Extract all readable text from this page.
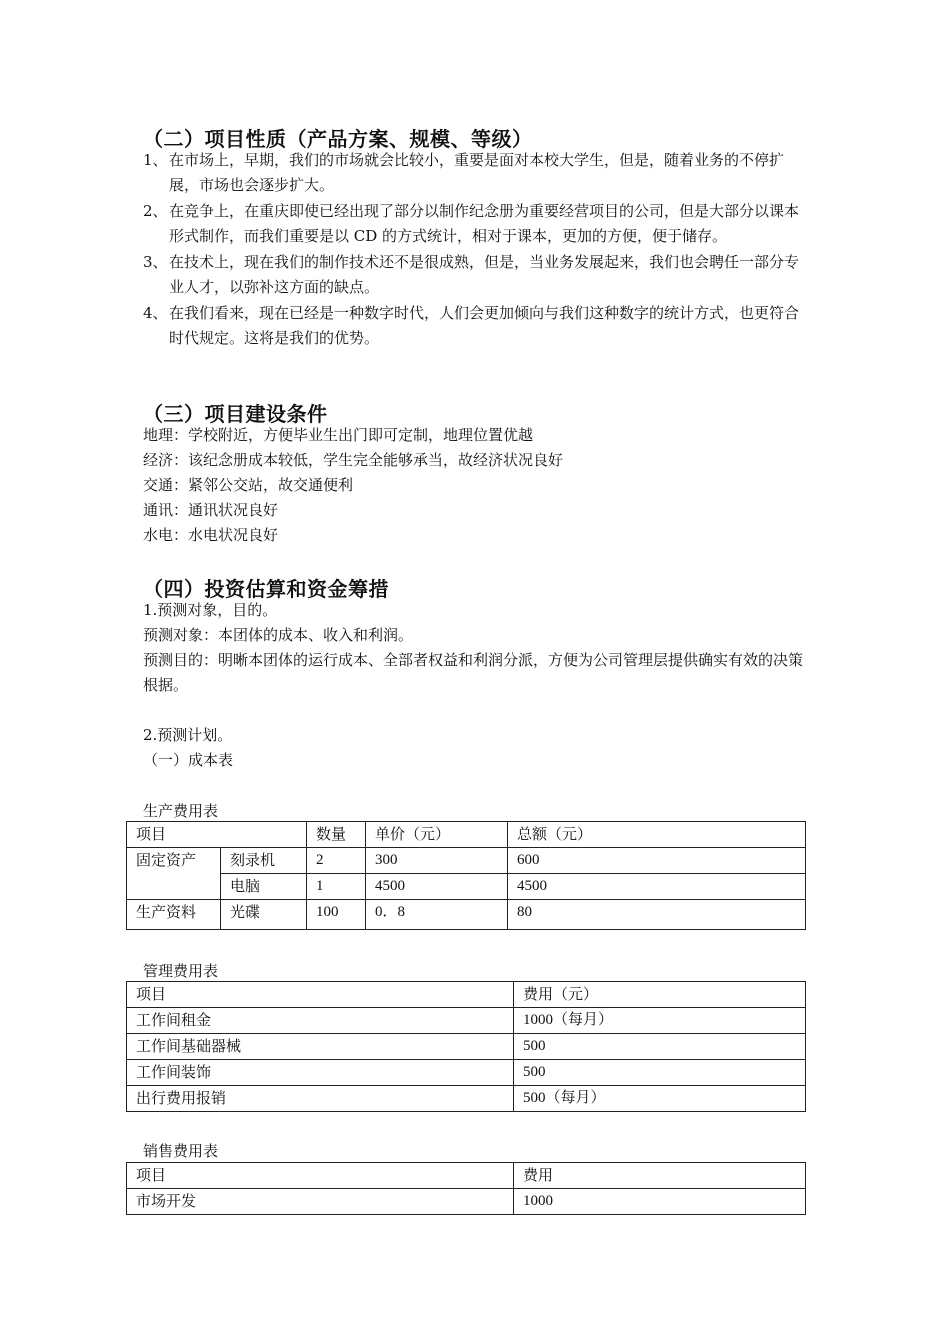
（二）项目性质（产品方案、规模、等级）
1、 在市场上，早期，我们的市场就会比较小，重要是面对本校大学生，但是，随着业务的不停扩展，市场也会逐步扩大。
2、 在竞争上，在重庆即使已经出现了部分以制作纪念册为重要经营项目的公司，但是大部分以课本形式制作，而我们重要是以 CD 的方式统计，相对于课本，更加的方便，便于储存。
3、 在技术上，现在我们的制作技术还不是很成熟，但是，当业务发展起来，我们也会聘任一部分专业人才，以弥补这方面的缺点。
4、 在我们看来，现在已经是一种数字时代，人们会更加倾向与我们这种数字的统计方式，也更符合时代规定。这将是我们的优势。
（三）项目建设条件
地理：学校附近，方便毕业生出门即可定制，地理位置优越
经济：该纪念册成本较低，学生完全能够承当，故经济状况良好
交通：紧邻公交站，故交通便利
通讯：通讯状况良好
水电：水电状况良好
（四）投资估算和资金筹措
1.预测对象，目的。
预测对象：本团体的成本、收入和利润。
预测目的：明晰本团体的运行成本、全部者权益和利润分派，方便为公司管理层提供确实有效的决策根据。
2.预测计划。
（一）成本表
生产费用表
项目		数量	单价（元）	总额（元）
固定资产	刻录机	2	300	600
	电脑	1	4500	4500
生产资料	光碟	100	0．8	80
管理费用表
项目	费用（元）
工作间租金	1000（每月）
工作间基础器械	500
工作间装饰	500
出行费用报销	500（每月）
销售费用表
项目	费用
市场开发	1000
